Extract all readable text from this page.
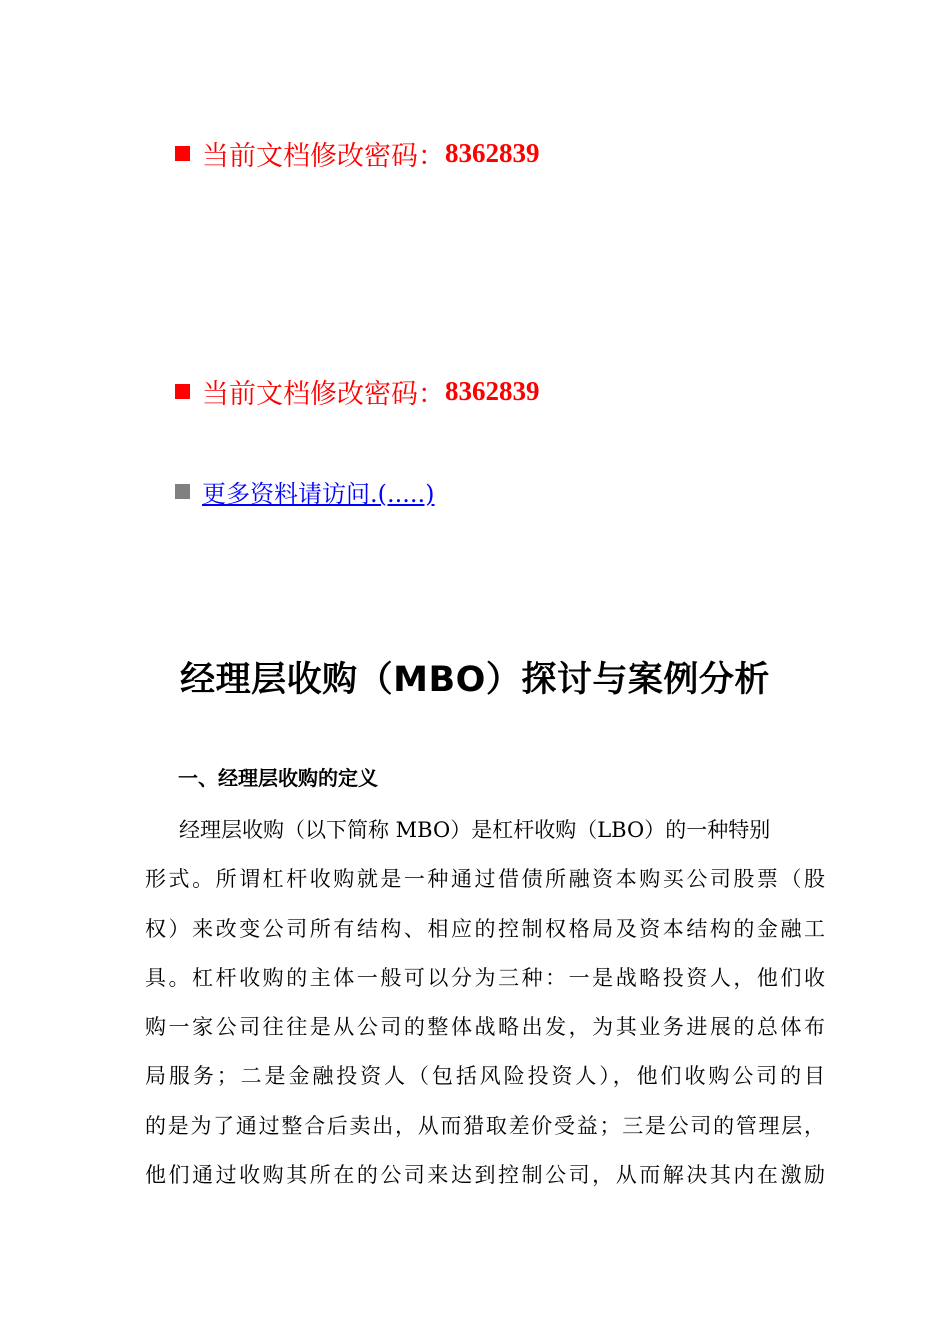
当前文档修改密码： 8362839
当前文档修改密码： 8362839
更多资料请访问.(.....)
经理层收购（MBO）探讨与案例分析
一、经理层收购的定义
经理层收购（以下简称 MBO）是杠杆收购（LBO）的一种特别
形式。所谓杠杆收购就是一种通过借债所融资本购买公司股票（股
权）来改变公司所有结构、相应的控制权格局及资本结构的金融工
具。杠杆收购的主体一般可以分为三种：一是战略投资人，他们收
购一家公司往往是从公司的整体战略出发，为其业务进展的总体布
局服务；二是金融投资人（包括风险投资人），他们收购公司的目
的是为了通过整合后卖出，从而猎取差价受益；三是公司的管理层，
他们通过收购其所在的公司来达到控制公司，从而解决其内在激励
